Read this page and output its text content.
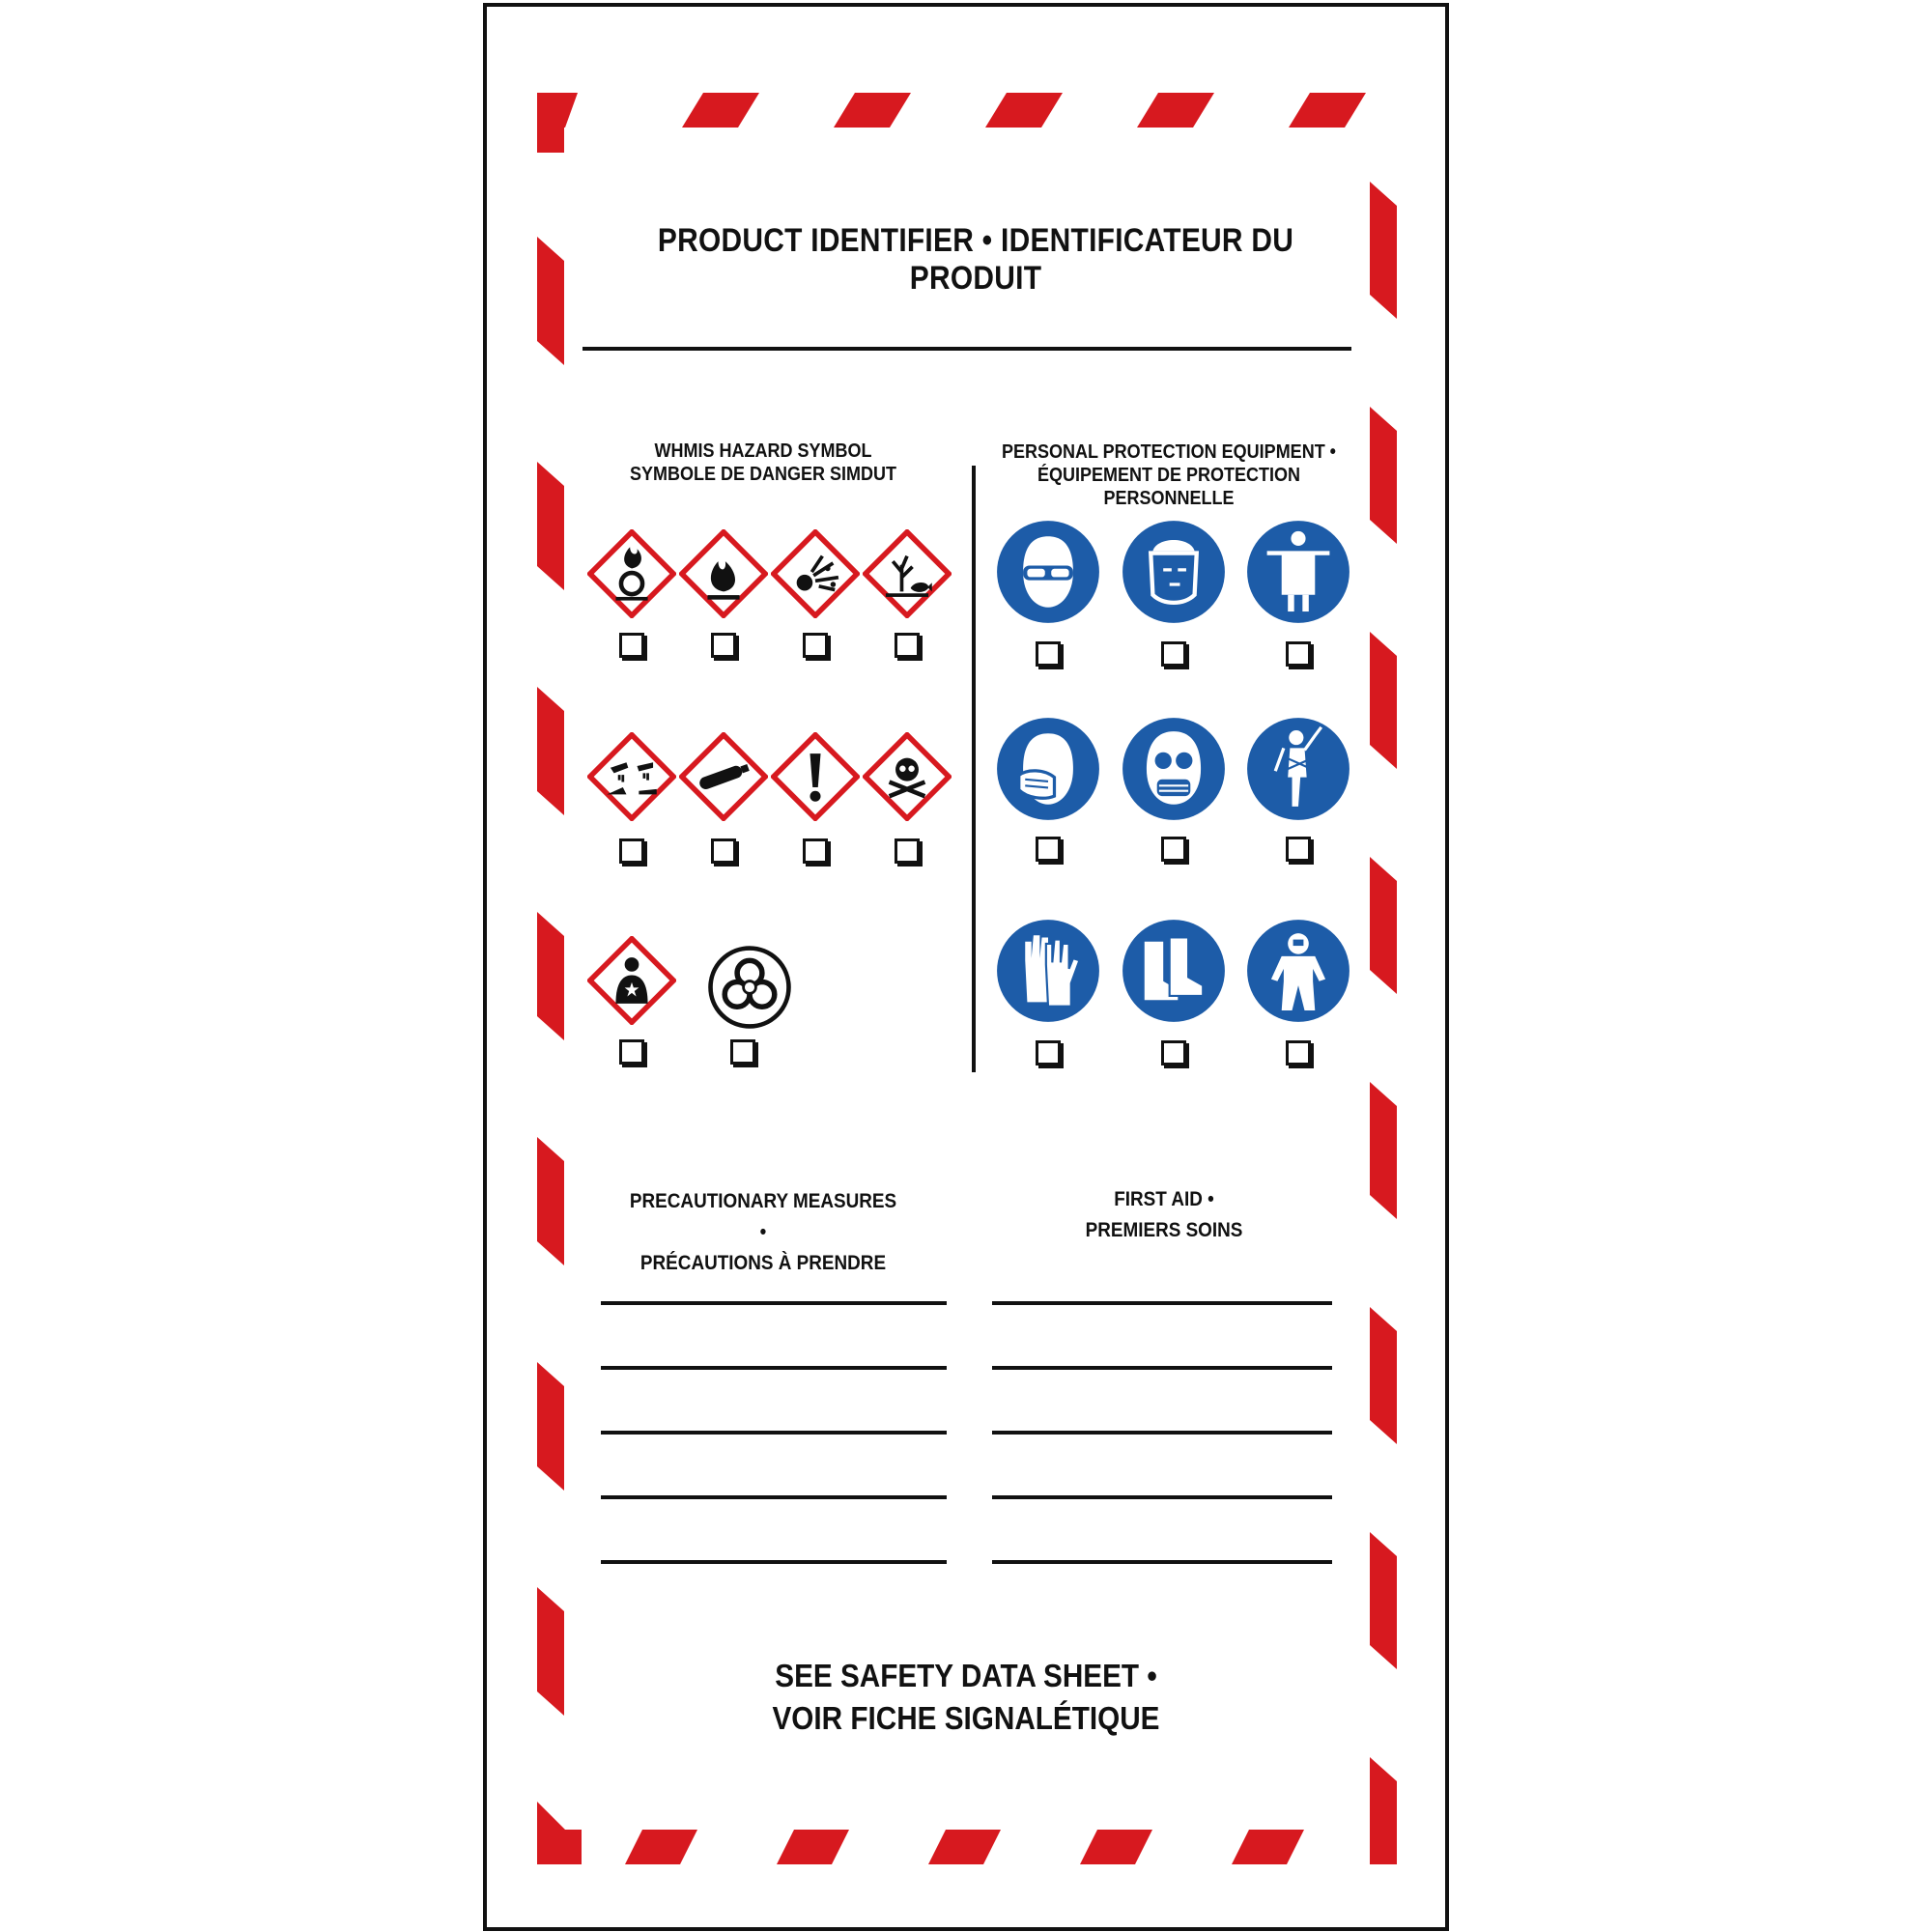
PRODUCT IDENTIFIER • IDENTIFICATEUR DU PRODUIT
WHMIS HAZARD SYMBOL
SYMBOLE DE DANGER SIMDUT
PERSONAL PROTECTION EQUIPMENT •
ÉQUIPEMENT DE PROTECTION PERSONNELLE
PRECAUTIONARY MEASURES •
PRÉCAUTIONS À PRENDRE
FIRST AID •
PREMIERS SOINS
SEE SAFETY DATA SHEET •
VOIR FICHE SIGNALÉTIQUE
